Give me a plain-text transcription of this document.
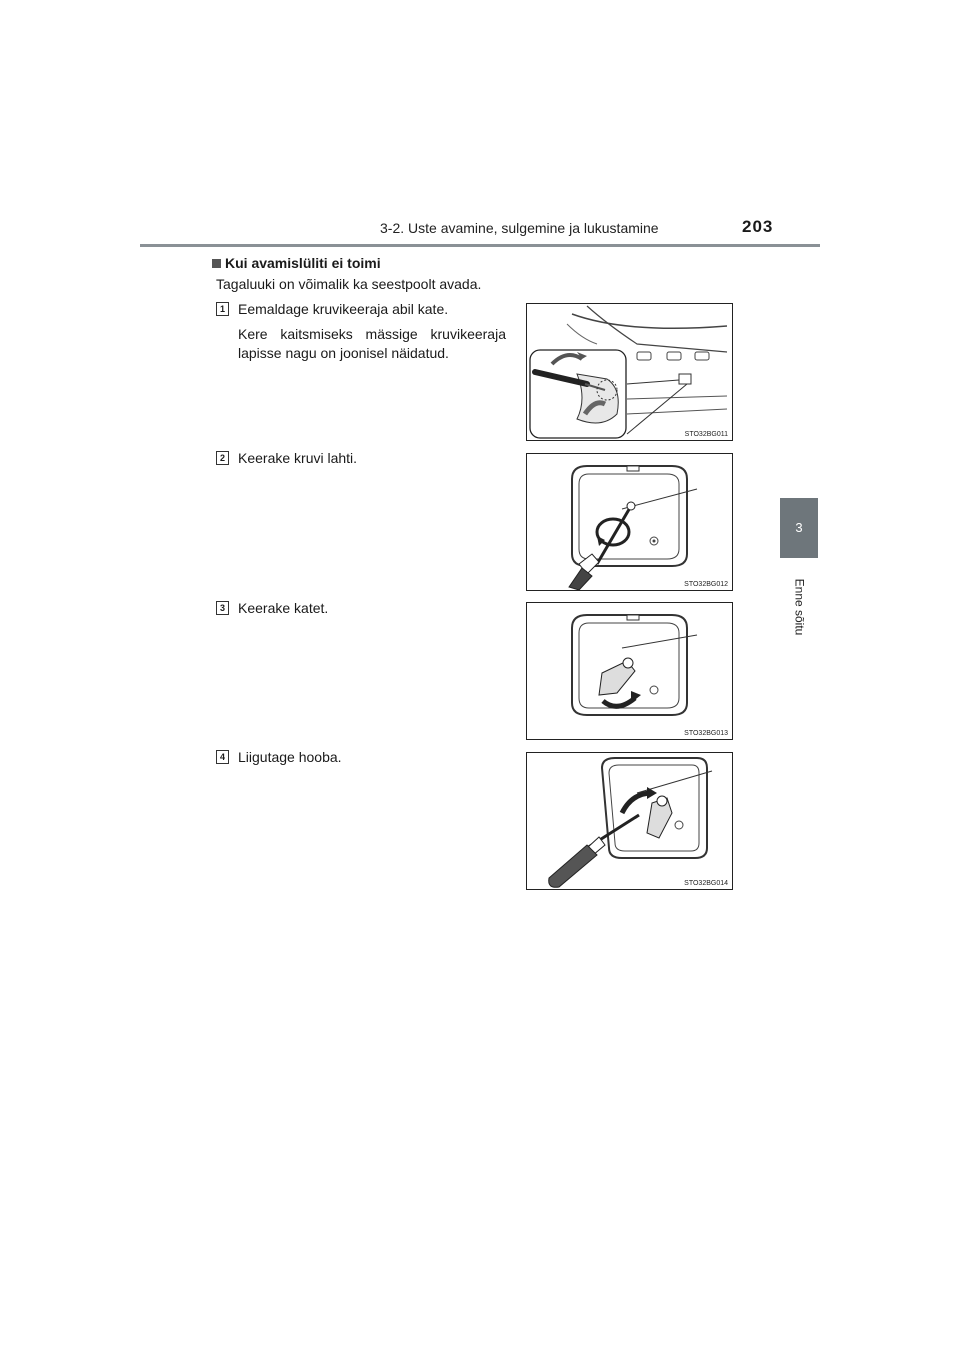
3-2. Uste avamine, sulgemine ja lukustamine	203
3
Enne sõitu
Kui avamislüliti ei toimi
Tagaluuki on võimalik ka seestpoolt avada.
1 Eemaldage kruvikeeraja abil kate.
Kere kaitsmiseks mässige kruvikeeraja lapisse nagu on joonisel näidatud.
STO32BG011
2 Keerake kruvi lahti.
STO32BG012
3 Keerake katet.
STO32BG013
4 Liigutage hooba.
STO32BG014
